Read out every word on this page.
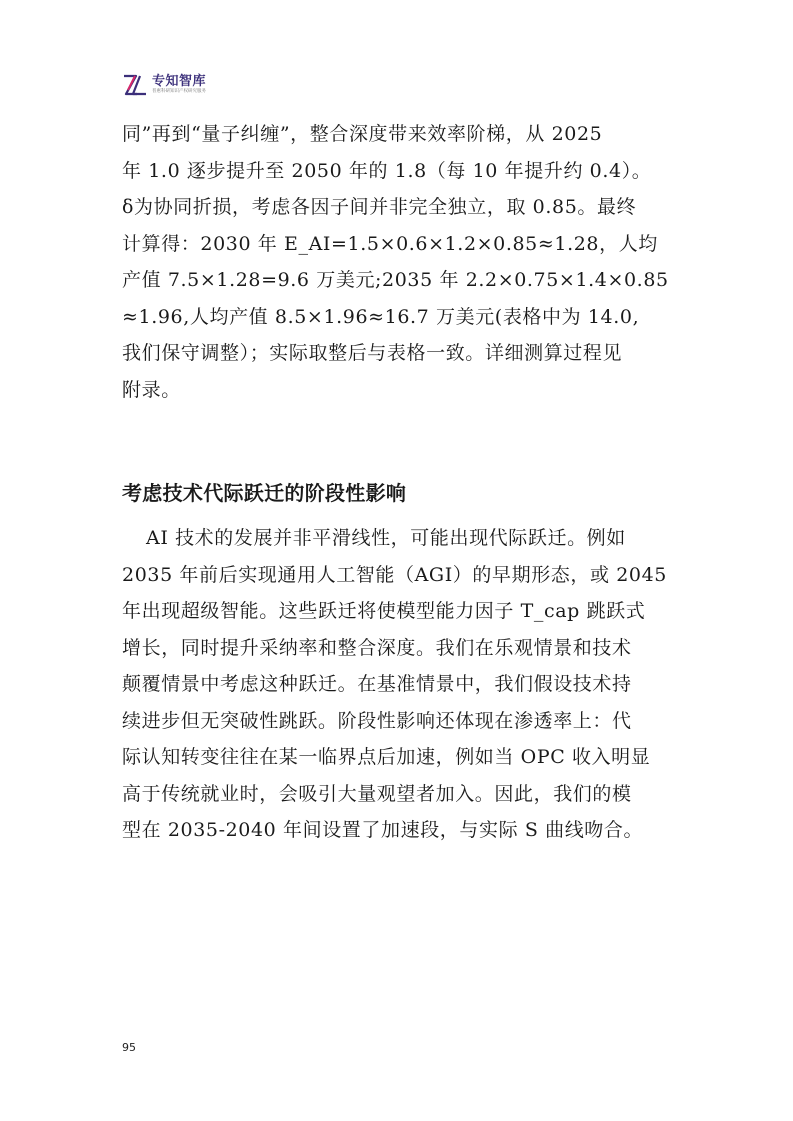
专知智库
普惠科研知识产权研究服务
同”再到“量子纠缠”，整合深度带来效率阶梯，从 2025
年 1.0 逐步提升至 2050 年的 1.8（每 10 年提升约 0.4）。
δ为协同折损，考虑各因子间并非完全独立，取 0.85。最终
计算得：2030 年 E_AI=1.5×0.6×1.2×0.85≈1.28，人均
产值 7.5×1.28=9.6 万美元;2035 年 2.2×0.75×1.4×0.85
≈1.96,人均产值 8.5×1.96≈16.7 万美元(表格中为 14.0,
我们保守调整）；实际取整后与表格一致。详细测算过程见
附录。
考虑技术代际跃迁的阶段性影响
AI 技术的发展并非平滑线性，可能出现代际跃迁。例如
2035 年前后实现通用人工智能（AGI）的早期形态，或 2045
年出现超级智能。这些跃迁将使模型能力因子 T_cap 跳跃式
增长，同时提升采纳率和整合深度。我们在乐观情景和技术
颠覆情景中考虑这种跃迁。在基准情景中，我们假设技术持
续进步但无突破性跳跃。阶段性影响还体现在渗透率上：代
际认知转变往往在某一临界点后加速，例如当 OPC 收入明显
高于传统就业时，会吸引大量观望者加入。因此，我们的模
型在 2035-2040 年间设置了加速段，与实际 S 曲线吻合。
95
